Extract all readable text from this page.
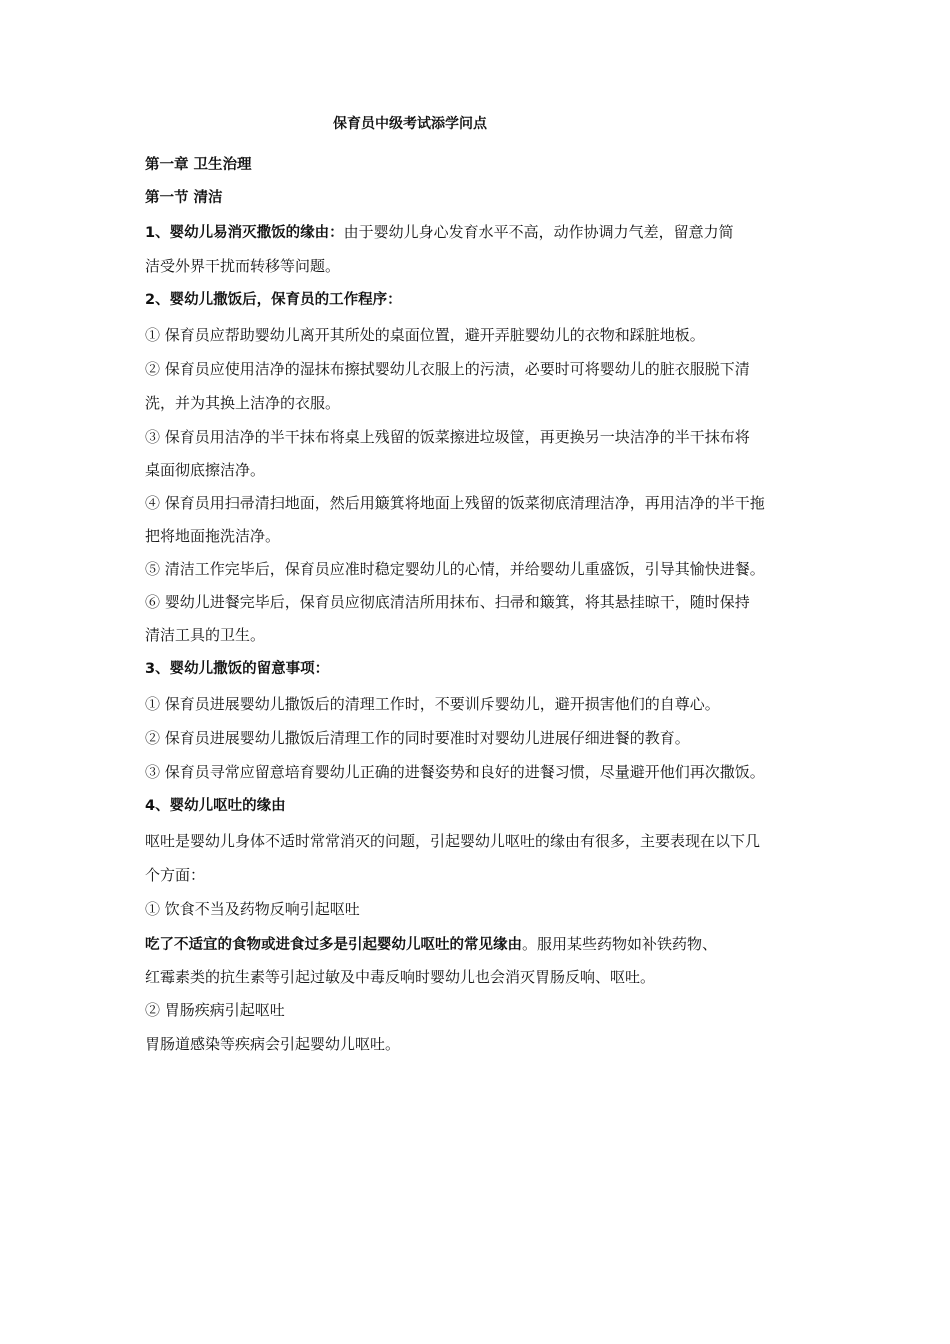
保育员中级考试添学问点
第一章 卫生治理
第一节 清洁
1、婴幼儿易消灭撒饭的缘由：由于婴幼儿身心发育水平不高，动作协调力气差，留意力简
洁受外界干扰而转移等问题。
2、婴幼儿撒饭后，保育员的工作程序：
① 保育员应帮助婴幼儿离开其所处的桌面位置，避开弄脏婴幼儿的衣物和踩脏地板。
② 保育员应使用洁净的湿抹布擦拭婴幼儿衣服上的污渍，必要时可将婴幼儿的脏衣服脱下清
洗，并为其换上洁净的衣服。
③ 保育员用洁净的半干抹布将桌上残留的饭菜擦进垃圾筐，再更换另一块洁净的半干抹布将
桌面彻底擦洁净。
④ 保育员用扫帚清扫地面，然后用簸箕将地面上残留的饭菜彻底清理洁净，再用洁净的半干拖
把将地面拖洗洁净。
⑤ 清洁工作完毕后，保育员应准时稳定婴幼儿的心情，并给婴幼儿重盛饭，引导其愉快进餐。
⑥ 婴幼儿进餐完毕后，保育员应彻底清洁所用抹布、扫帚和簸箕，将其悬挂晾干，随时保持
清洁工具的卫生。
3、婴幼儿撒饭的留意事项：
① 保育员进展婴幼儿撒饭后的清理工作时，不要训斥婴幼儿，避开损害他们的自尊心。
② 保育员进展婴幼儿撒饭后清理工作的同时要准时对婴幼儿进展仔细进餐的教育。
③ 保育员寻常应留意培育婴幼儿正确的进餐姿势和良好的进餐习惯，尽量避开他们再次撒饭。
4、婴幼儿呕吐的缘由
呕吐是婴幼儿身体不适时常常消灭的问题，引起婴幼儿呕吐的缘由有很多，主要表现在以下几
个方面：
① 饮食不当及药物反响引起呕吐
吃了不适宜的食物或进食过多是引起婴幼儿呕吐的常见缘由。服用某些药物如补铁药物、
红霉素类的抗生素等引起过敏及中毒反响时婴幼儿也会消灭胃肠反响、呕吐。
② 胃肠疾病引起呕吐
胃肠道感染等疾病会引起婴幼儿呕吐。
